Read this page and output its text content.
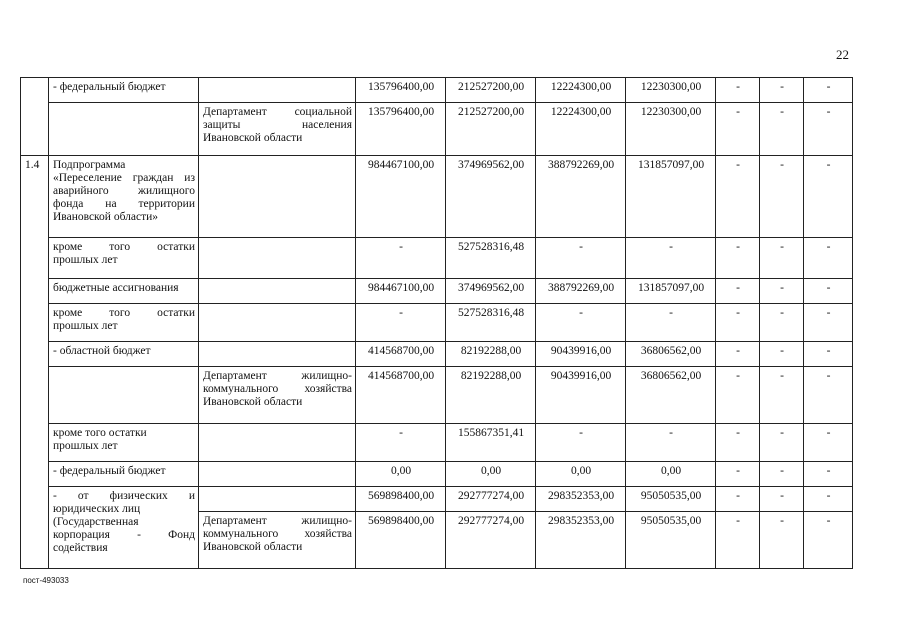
22

	- федеральный бюджет		135796400,00	212527200,00	12224300,00	12230300,00	-	-	-

		Департамент социальной
защиты населения
Ивановской области	135796400,00	212527200,00	12224300,00	12230300,00	-	-	-
1.4	Подпрограмма
«Переселение граждан из
аварийного жилищного
фонда на территории
Ивановской области»		984467100,00	374969562,00	388792269,00	131857097,00	-	-	-

	кроме того остатки
прошлых лет		-	527528316,48	-	-	-	-	-

	бюджетные ассигнования		984467100,00	374969562,00	388792269,00	131857097,00	-	-	-

	кроме того остатки
прошлых лет		-	527528316,48	-	-	-	-	-

	- областной бюджет		414568700,00	82192288,00	90439916,00	36806562,00	-	-	-

		Департамент жилищно-
коммунального хозяйства
Ивановской области	414568700,00	82192288,00	90439916,00	36806562,00	-	-	-

	кроме того остатки
прошлых лет		-	155867351,41	-	-	-	-	-

	- федеральный бюджет		0,00	0,00	0,00	0,00	-	-	-

	- от физических и
юридических лиц
(Государственная
корпорация - Фонд
содействия		569898400,00	292777274,00	298352353,00	95050535,00	-	-	-

		Департамент жилищно-
коммунального хозяйства
Ивановской области	569898400,00	292777274,00	298352353,00	95050535,00	-	-	-
пост-493033
